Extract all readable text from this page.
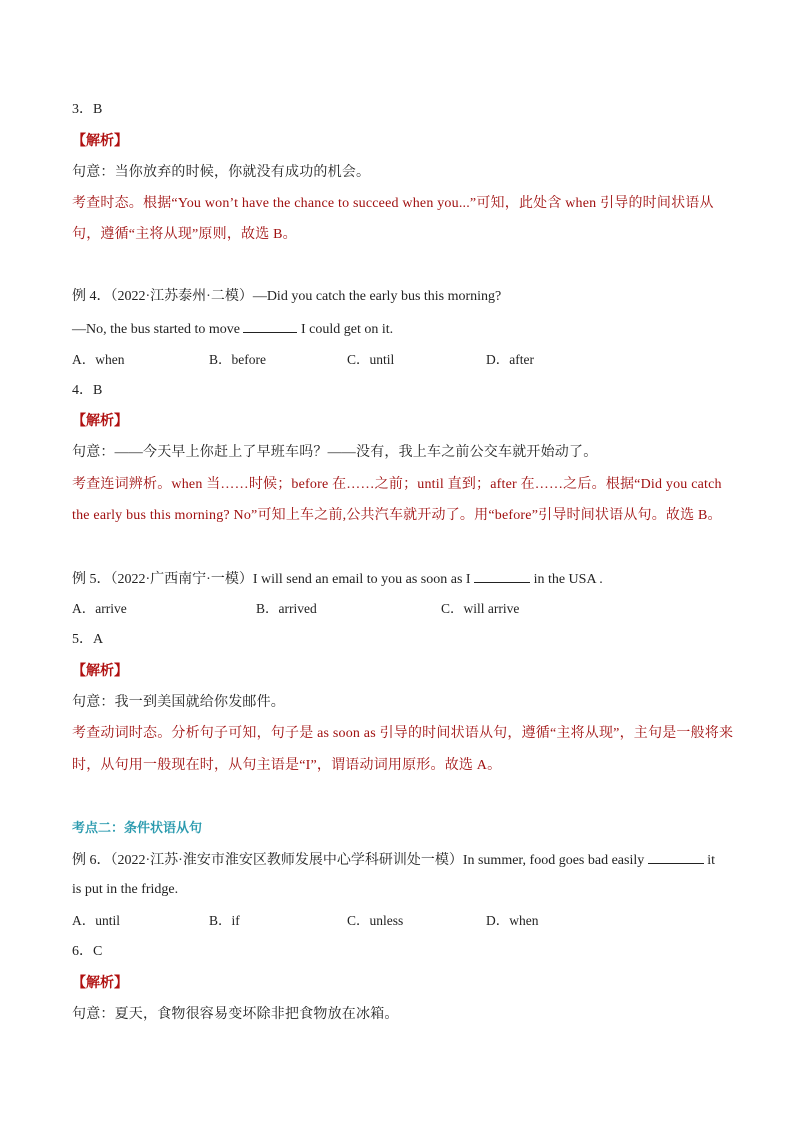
3．B
【解析】
句意：当你放弃的时候，你就没有成功的机会。
考查时态。根据“You won’t have the chance to succeed when you...”可知，此处含 when 引导的时间状语从
句，遵循“主将从现”原则，故选 B。
例 4．（2022·江苏泰州·二模）—Did you catch the early bus this morning?
—No, the bus started to move	I could get on it.
A．when	B．before	C．until	D．after
4．B
【解析】
句意：——今天早上你赶上了早班车吗？——没有，我上车之前公交车就开始动了。
考查连词辨析。when 当……时候；before 在……之前；until 直到；after 在……之后。根据“Did you catch
the early bus this morning? No”可知上车之前,公共汽车就开动了。用“before”引导时间状语从句。故选 B。
例 5．（2022·广西南宁·一模）I will send an email to you as soon as I	in the USA .
A．arrive	B．arrived	C．will arrive
5．A
【解析】
句意：我一到美国就给你发邮件。
考查动词时态。分析句子可知，句子是 as soon as 引导的时间状语从句，遵循“主将从现”，主句是一般将来
时，从句用一般现在时，从句主语是“I”，谓语动词用原形。故选 A。
考点二：条件状语从句
例 6．（2022·江苏·淮安市淮安区教师发展中心学科研训处一模）In summer, food goes bad easily	it
is put in the fridge.
A．until	B．if	C．unless	D．when
6．C
【解析】
句意：夏天，食物很容易变坏除非把食物放在冰箱。
